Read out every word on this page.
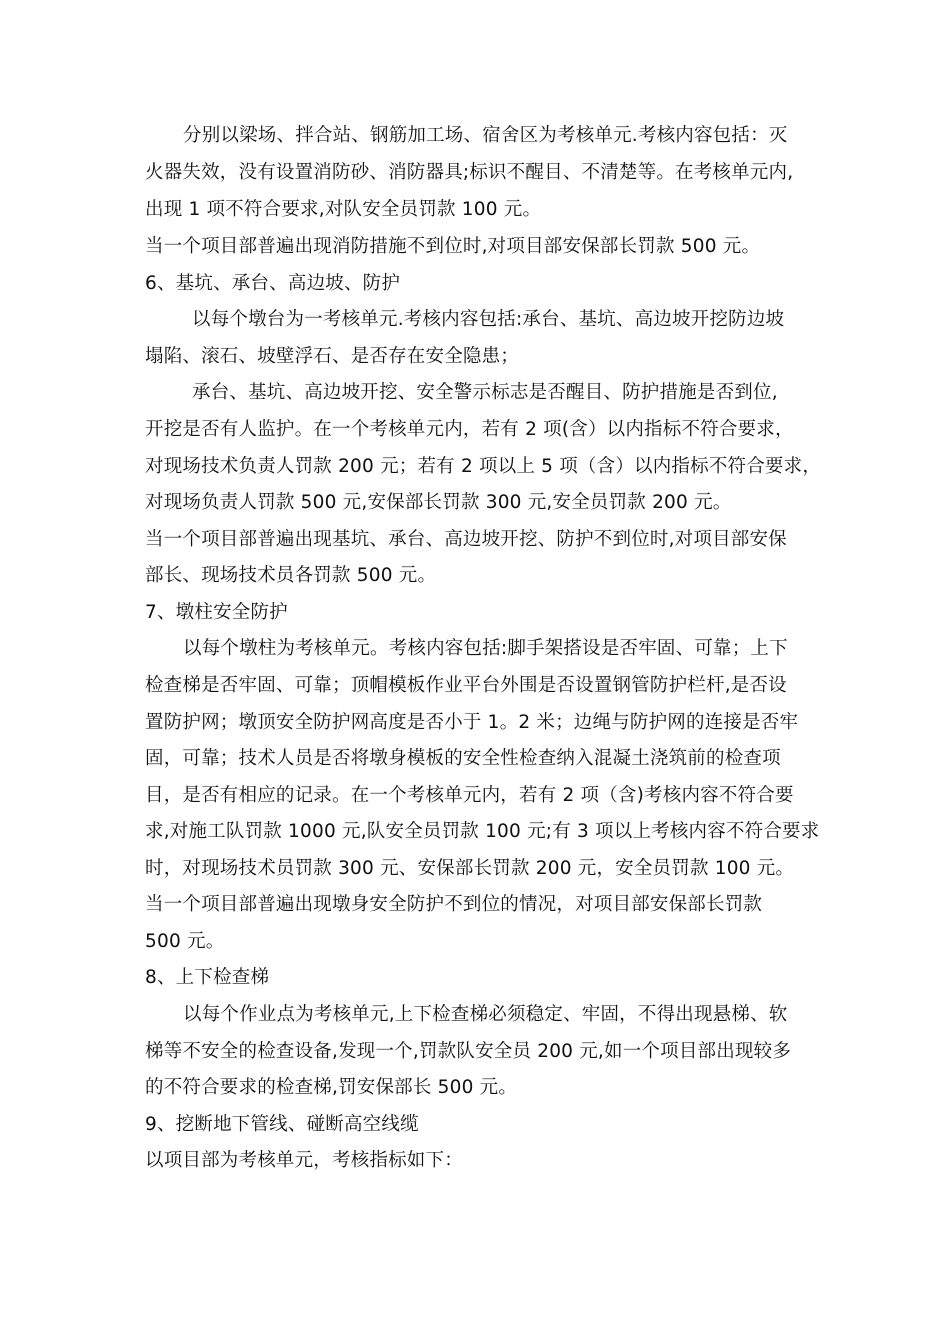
分别以梁场、拌合站、钢筋加工场、宿舍区为考核单元.考核内容包括：灭
火器失效，没有设置消防砂、消防器具;标识不醒目、不清楚等。在考核单元内,
出现 1 项不符合要求,对队安全员罚款 100 元。
当一个项目部普遍出现消防措施不到位时,对项目部安保部长罚款 500 元。
6、基坑、承台、高边坡、防护
以每个墩台为一考核单元.考核内容包括:承台、基坑、高边坡开挖防边坡
塌陷、滚石、坡壁浮石、是否存在安全隐患；
承台、基坑、高边坡开挖、安全警示标志是否醒目、防护措施是否到位,
开挖是否有人监护。在一个考核单元内，若有 2 项(含）以内指标不符合要求，
对现场技术负责人罚款 200 元；若有 2 项以上 5 项（含）以内指标不符合要求，
对现场负责人罚款 500 元,安保部长罚款 300 元,安全员罚款 200 元。
当一个项目部普遍出现基坑、承台、高边坡开挖、防护不到位时,对项目部安保
部长、现场技术员各罚款 500 元。
7、墩柱安全防护
以每个墩柱为考核单元。考核内容包括:脚手架搭设是否牢固、可靠；上下
检查梯是否牢固、可靠；顶帽模板作业平台外围是否设置钢管防护栏杆,是否设
置防护网；墩顶安全防护网高度是否小于 1。2 米；边绳与防护网的连接是否牢
固，可靠；技术人员是否将墩身模板的安全性检查纳入混凝土浇筑前的检查项
目，是否有相应的记录。在一个考核单元内，若有 2 项（含)考核内容不符合要
求,对施工队罚款 1000 元,队安全员罚款 100 元;有 3 项以上考核内容不符合要求
时，对现场技术员罚款 300 元、安保部长罚款 200 元，安全员罚款 100 元。
当一个项目部普遍出现墩身安全防护不到位的情况，对项目部安保部长罚款
500 元。
8、上下检查梯
以每个作业点为考核单元,上下检查梯必须稳定、牢固，不得出现悬梯、软
梯等不安全的检查设备,发现一个,罚款队安全员 200 元,如一个项目部出现较多
的不符合要求的检查梯,罚安保部长 500 元。
9、挖断地下管线、碰断高空线缆
以项目部为考核单元，考核指标如下：
